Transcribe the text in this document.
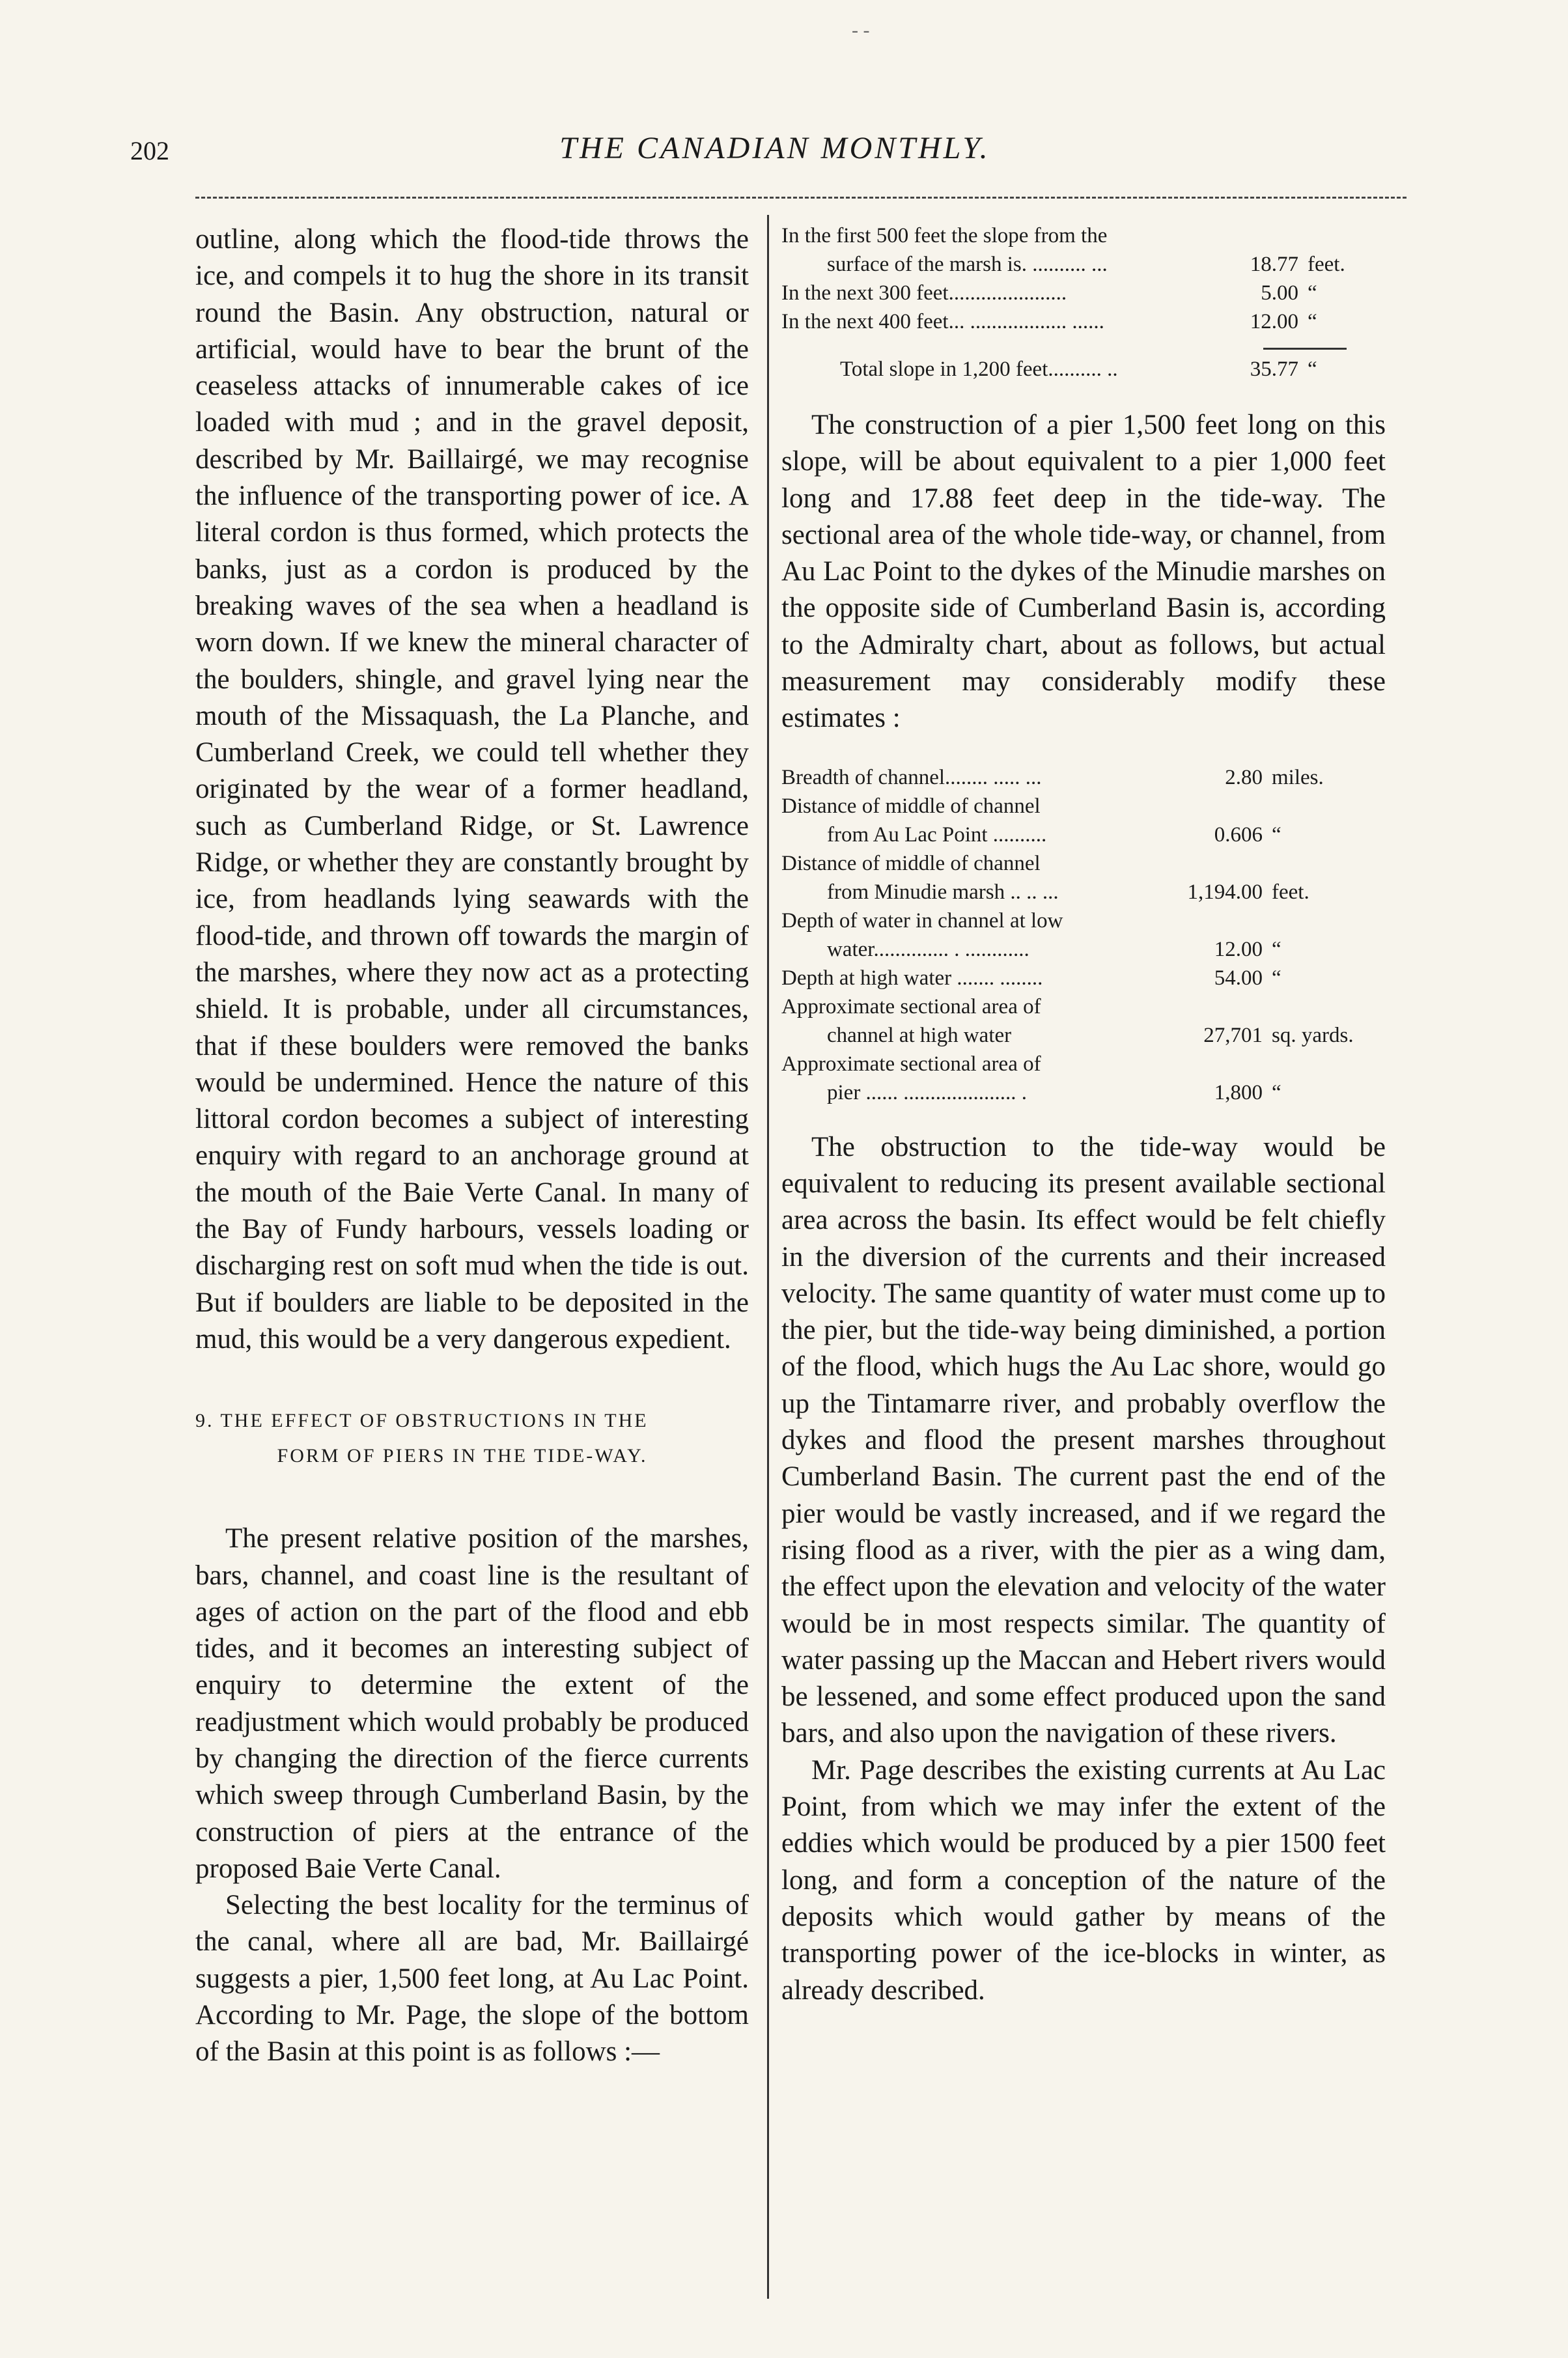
- -
THE CANADIAN MONTHLY.
202

outline, along which the flood-tide throws the ice, and compels it to hug the shore in its transit round the Basin. Any obstruction, natural or artificial, would have to bear the brunt of the ceaseless attacks of innumerable cakes of ice loaded with mud ; and in the gravel deposit, described by Mr. Baillairgé, we may recognise the influence of the transporting power of ice. A literal cordon is thus formed, which protects the banks, just as a cordon is produced by the breaking waves of the sea when a headland is worn down. If we knew the mineral character of the boulders, shingle, and gravel lying near the mouth of the Missaquash, the La Planche, and Cumberland Creek, we could tell whether they originated by the wear of a former headland, such as Cumberland Ridge, or St. Lawrence Ridge, or whether they are constantly brought by ice, from headlands lying seawards with the flood-tide, and thrown off towards the margin of the marshes, where they now act as a protecting shield. It is probable, under all circumstances, that if these boulders were removed the banks would be undermined. Hence the nature of this littoral cordon becomes a subject of interesting enquiry with regard to an anchorage ground at the mouth of the Baie Verte Canal. In many of the Bay of Fundy harbours, vessels loading or discharging rest on soft mud when the tide is out. But if boulders are liable to be deposited in the mud, this would be a very dangerous expedient.

9. THE EFFECT OF OBSTRUCTIONS IN THE
FORM OF PIERS IN THE TIDE-WAY.

The present relative position of the marshes, bars, channel, and coast line is the resultant of ages of action on the part of the flood and ebb tides, and it becomes an interesting subject of enquiry to determine the extent of the readjustment which would probably be produced by changing the direction of the fierce currents which sweep through Cumberland Basin, by the construction of piers at the entrance of the proposed Baie Verte Canal.

Selecting the best locality for the terminus of the canal, where all are bad, Mr. Baillairgé suggests a pier, 1,500 feet long, at Au Lac Point. According to Mr. Page, the slope of the bottom of the Basin at this point is as follows :—

In the first 500 feet the slope from the
surface of the marsh is. .......... ...	18.77 feet.
In the next 300 feet......................	5.00 “
In the next 400 feet... .................. ......	12.00 “
Total slope in 1,200 feet.......... ..	35.77 “

The construction of a pier 1,500 feet long on this slope, will be about equivalent to a pier 1,000 feet long and 17.88 feet deep in the tide-way. The sectional area of the whole tide-way, or channel, from Au Lac Point to the dykes of the Minudie marshes on the opposite side of Cumberland Basin is, according to the Admiralty chart, about as follows, but actual measurement may considerably modify these estimates :

Breadth of channel........ ..... ...	2.80 miles.
Distance of middle of channel
from Au Lac Point ..........	0.606 “
Distance of middle of channel
from Minudie marsh .. .. ...	1,194.00 feet.
Depth of water in channel at low
water.............. . ............	12.00 “
Depth at high water ....... ........	54.00 “
Approximate sectional area of
channel at high water	27,701 sq. yards.
Approximate sectional area of
pier ...... ..................... .	1,800 “

The obstruction to the tide-way would be equivalent to reducing its present available sectional area across the basin. Its effect would be felt chiefly in the diversion of the currents and their increased velocity. The same quantity of water must come up to the pier, but the tide-way being diminished, a portion of the flood, which hugs the Au Lac shore, would go up the Tintamarre river, and probably overflow the dykes and flood the present marshes throughout Cumberland Basin. The current past the end of the pier would be vastly increased, and if we regard the rising flood as a river, with the pier as a wing dam, the effect upon the elevation and velocity of the water would be in most respects similar. The quantity of water passing up the Maccan and Hebert rivers would be lessened, and some effect produced upon the sand bars, and also upon the navigation of these rivers.

Mr. Page describes the existing currents at Au Lac Point, from which we may infer the extent of the eddies which would be produced by a pier 1500 feet long, and form a conception of the nature of the deposits which would gather by means of the transporting power of the ice-blocks in winter, as already described.
